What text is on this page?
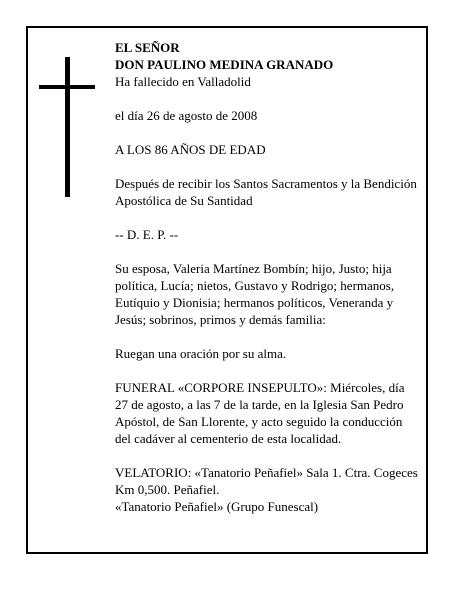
EL SEÑOR
DON PAULINO MEDINA GRANADO
Ha fallecido en Valladolid

el día 26 de agosto de 2008

A LOS 86 AÑOS DE EDAD

Después de recibir los Santos Sacramentos y la Bendición Apostólica de Su Santidad

-- D. E. P. --

Su esposa, Valeria Martínez Bombín; hijo, Justo; hija política, Lucía; nietos, Gustavo y Rodrigo; hermanos, Eutíquio y Dionisia; hermanos políticos, Veneranda y Jesús; sobrinos, primos y demás familia:

Ruegan una oración por su alma.

FUNERAL «CORPORE INSEPULTO»: Miércoles, día 27 de agosto, a las 7 de la tarde, en la Iglesia San Pedro Apóstol, de San Llorente, y acto seguido la conducción del cadáver al cementerio de esta localidad.

VELATORIO: «Tanatorio Peñafiel» Sala 1. Ctra. Cogeces Km 0,500. Peñafiel.
«Tanatorio Peñafiel» (Grupo Funescal)
